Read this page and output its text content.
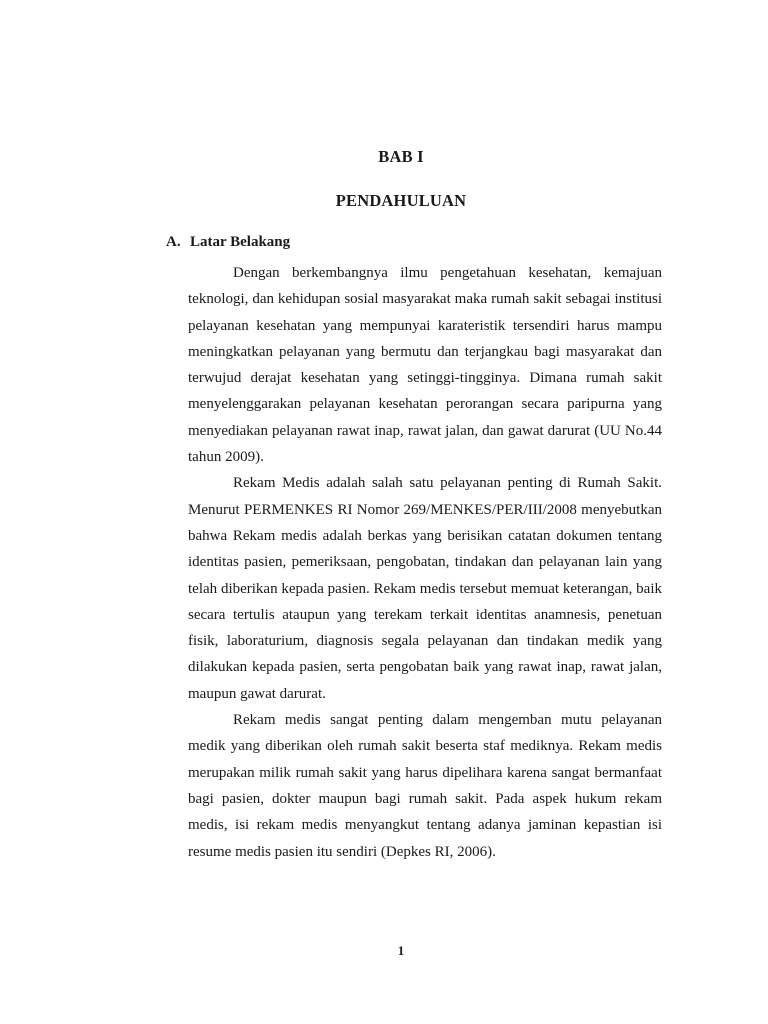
BAB I
PENDAHULUAN
A. Latar Belakang

Dengan berkembangnya ilmu pengetahuan kesehatan, kemajuan teknologi, dan kehidupan sosial masyarakat maka rumah sakit sebagai institusi pelayanan kesehatan yang mempunyai karateristik tersendiri harus mampu meningkatkan pelayanan yang bermutu dan terjangkau bagi masyarakat dan terwujud derajat kesehatan yang setinggi-tingginya. Dimana rumah sakit menyelenggarakan pelayanan kesehatan perorangan secara paripurna yang menyediakan pelayanan rawat inap, rawat jalan, dan gawat darurat (UU No.44 tahun 2009).

Rekam Medis adalah salah satu pelayanan penting di Rumah Sakit. Menurut PERMENKES RI Nomor 269/MENKES/PER/III/2008 menyebutkan bahwa Rekam medis adalah berkas yang berisikan catatan dokumen tentang identitas pasien, pemeriksaan, pengobatan, tindakan dan pelayanan lain yang telah diberikan kepada pasien. Rekam medis tersebut memuat keterangan, baik secara tertulis ataupun yang terekam terkait identitas anamnesis, penetuan fisik, laboraturium, diagnosis segala pelayanan dan tindakan medik yang dilakukan kepada pasien, serta pengobatan baik yang rawat inap, rawat jalan, maupun gawat darurat.

Rekam medis sangat penting dalam mengemban mutu pelayanan medik yang diberikan oleh rumah sakit beserta staf mediknya. Rekam medis merupakan milik rumah sakit yang harus dipelihara karena sangat bermanfaat bagi pasien, dokter maupun bagi rumah sakit. Pada aspek hukum rekam medis, isi rekam medis menyangkut tentang adanya jaminan kepastian isi resume medis pasien itu sendiri (Depkes RI, 2006).

1
